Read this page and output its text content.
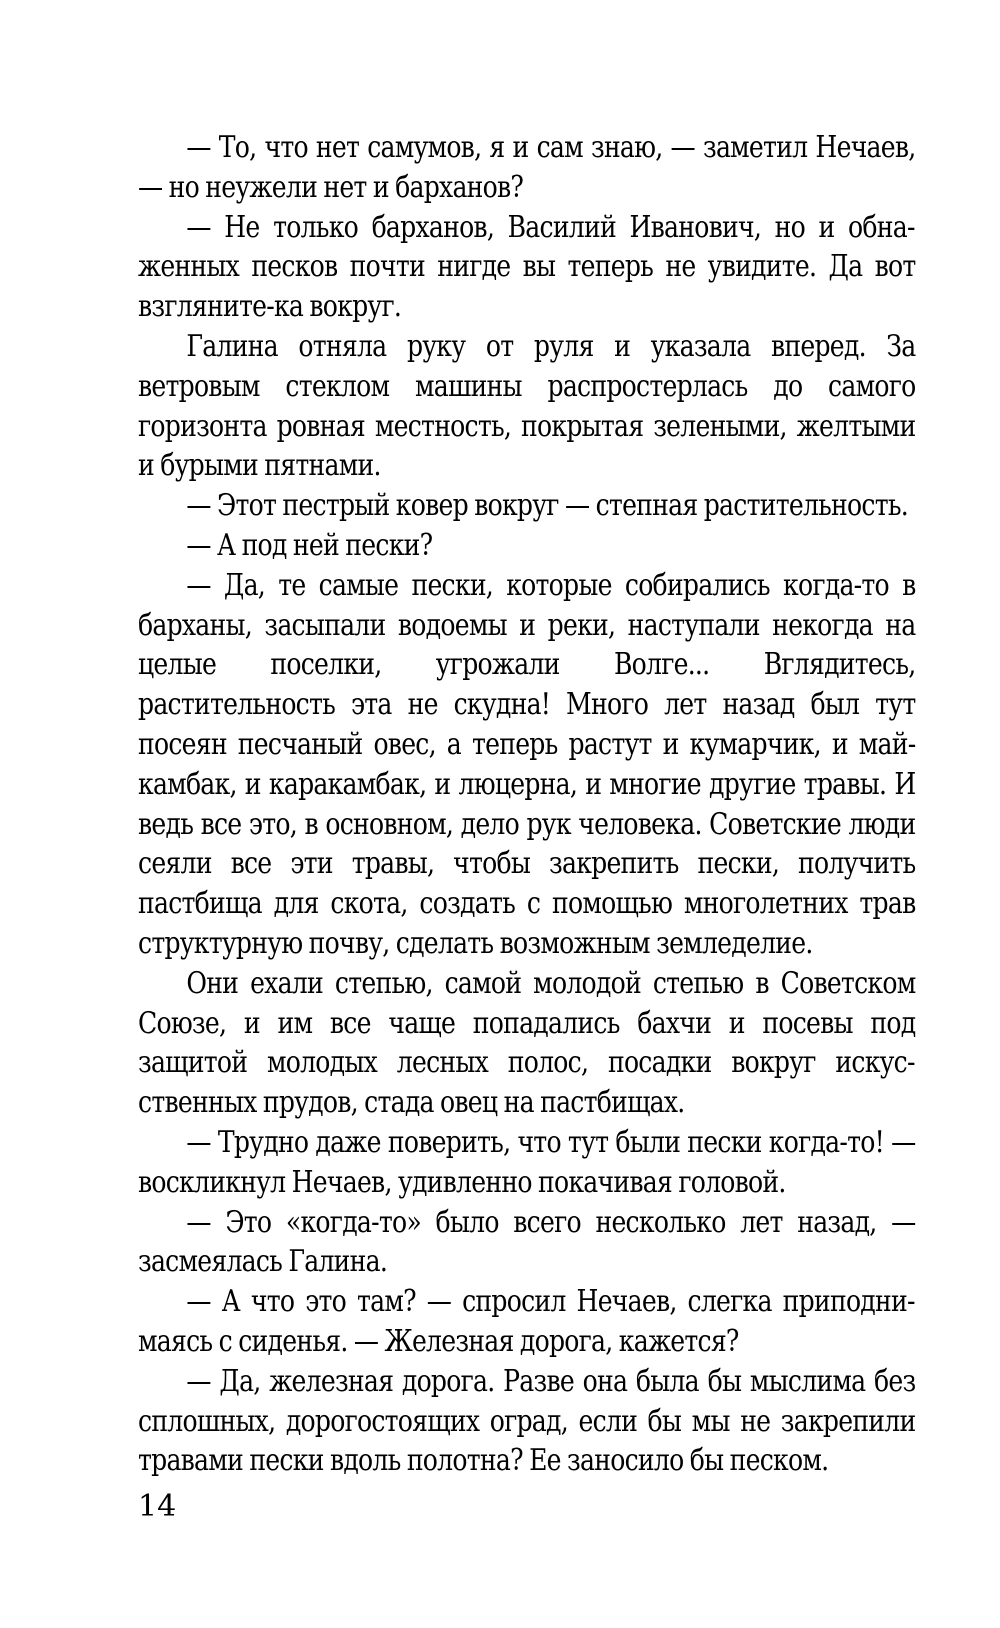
— То, что нет самумов, я и сам знаю, — заметил Нечаев, — но неужели нет и барханов?

— Не только барханов, Василий Иванович, но и обнаженных песков почти нигде вы теперь не увидите. Да вот взгляните-ка вокруг.

Галина отняла руку от руля и указала вперед. За ветровым стеклом машины распростерлась до самого горизонта ровная местность, покрытая зелеными, желтыми и бурыми пятнами.

— Этот пестрый ковер вокруг — степная растительность.

— А под ней пески?

— Да, те самые пески, которые собирались когда-то в барханы, засыпали водоемы и реки, наступали некогда на целые поселки, угрожали Волге... Вглядитесь, растительность эта не скудна! Много лет назад был тут посеян песчаный овес, а теперь растут и кумарчик, и май-камбак, и каракамбак, и люцерна, и многие другие травы. И ведь все это, в основном, дело рук человека. Советские люди сеяли все эти травы, чтобы закрепить пески, получить пастбища для скота, создать с помощью многолетних трав структурную почву, сделать возможным земледелие.

Они ехали степью, самой молодой степью в Советском Союзе, и им все чаще попадались бахчи и посевы под защитой молодых лесных полос, посадки вокруг искусственных прудов, стада овец на пастбищах.

— Трудно даже поверить, что тут были пески когда-то! — воскликнул Нечаев, удивленно покачивая головой.

— Это «когда-то» было всего несколько лет назад, — засмеялась Галина.

— А что это там? — спросил Нечаев, слегка приподнимаясь с сиденья. — Железная дорога, кажется?

— Да, железная дорога. Разве она была бы мыслима без сплошных, дорогостоящих оград, если бы мы не закрепили травами пески вдоль полотна? Ее заносило бы песком.

14
